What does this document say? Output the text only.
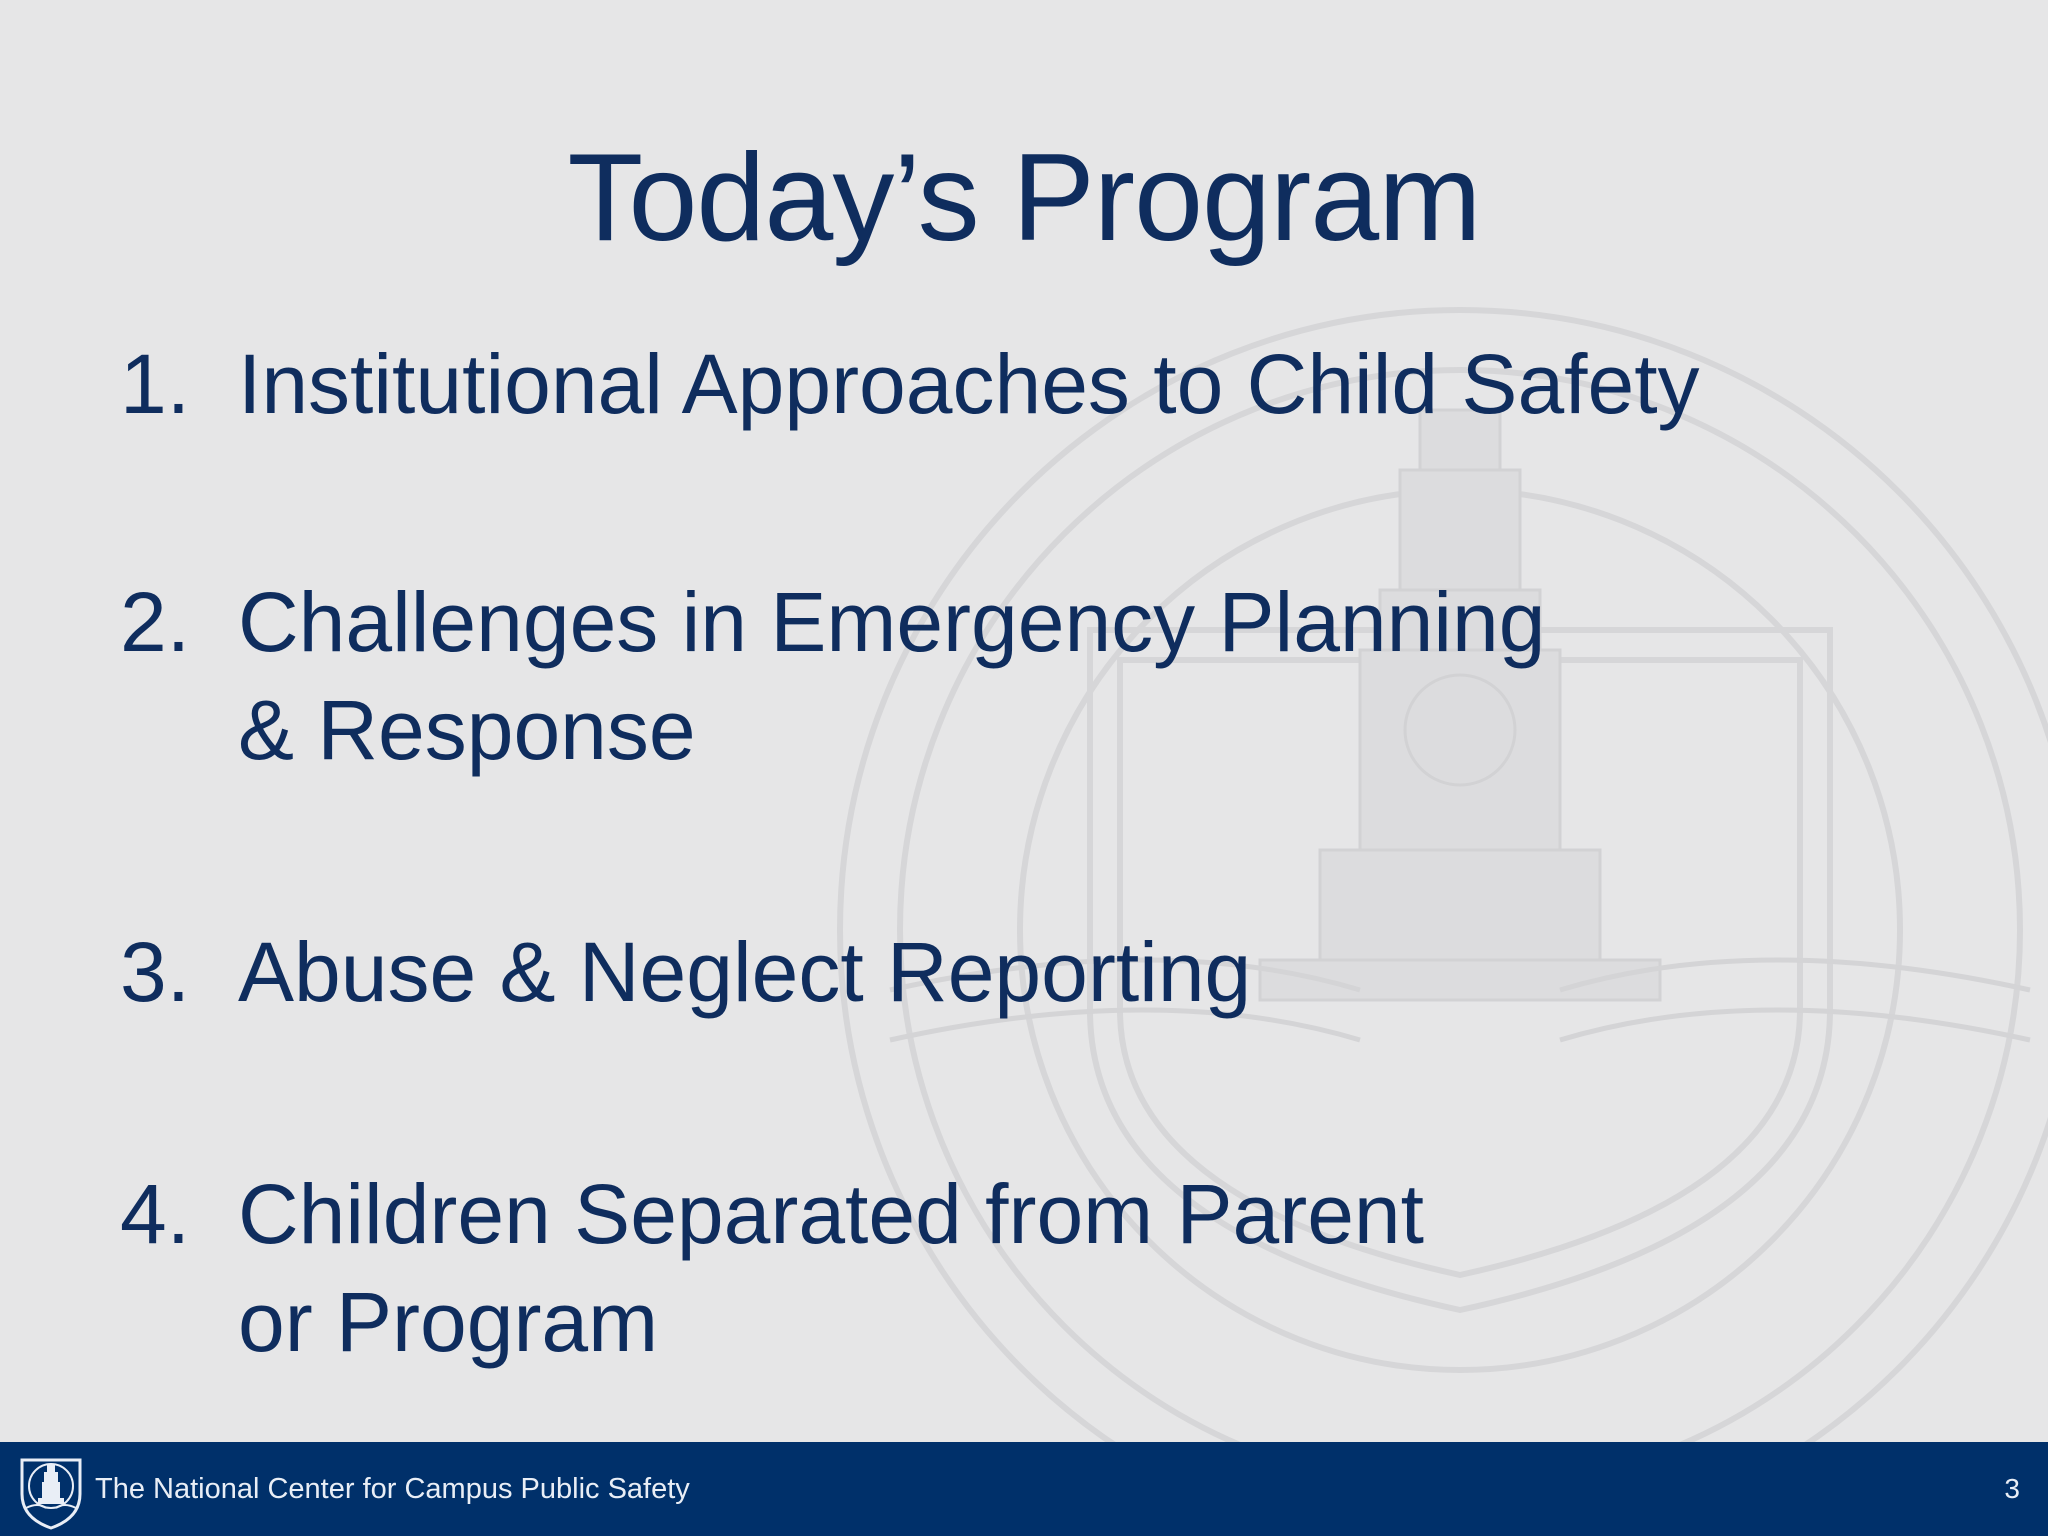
Today’s Program
1. Institutional Approaches to Child Safety
2. Challenges in Emergency Planning
& Response
3. Abuse & Neglect Reporting
4. Children Separated from Parent
or Program
The National Center for Campus Public Safety	3
